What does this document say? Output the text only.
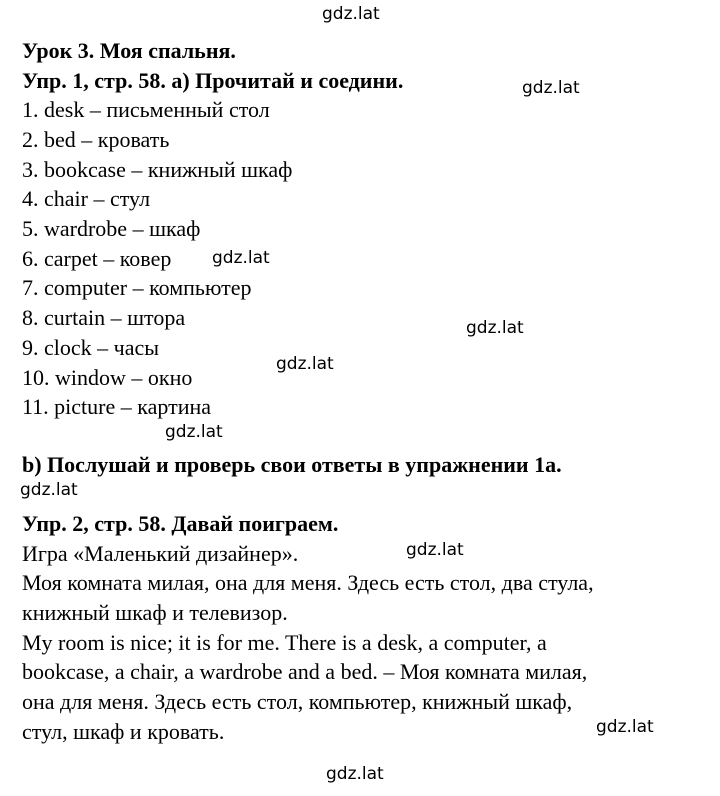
gdz.lat
Урок 3. Моя спальня.
Упр. 1, стр. 58. a) Прочитай и соедини.	gdz.lat
1. desk – письменный стол
2. bed – кровать
3. bookcase – книжный шкаф
4. chair – стул
5. wardrobe – шкаф
6. carpet – ковер gdz.lat
7. computer – компьютер
8. curtain – штора	gdz.lat
9. clock – часы
gdz.lat
10. window – окно
11. picture – картина
gdz.lat
b) Послушай и проверь свои ответы в упражнении 1a.
gdz.lat
Упр. 2, стр. 58. Давай поиграем.
Игра «Маленький дизайнер».	gdz.lat
Моя комната милая, она для меня. Здесь есть стол, два стула,
книжный шкаф и телевизор.
My room is nice; it is for me. There is a desk, a computer, a
bookcase, a chair, a wardrobe and a bed. – Моя комната милая,
она для меня. Здесь есть стол, компьютер, книжный шкаф,
стул, шкаф и кровать.	gdz.lat
gdz.lat
